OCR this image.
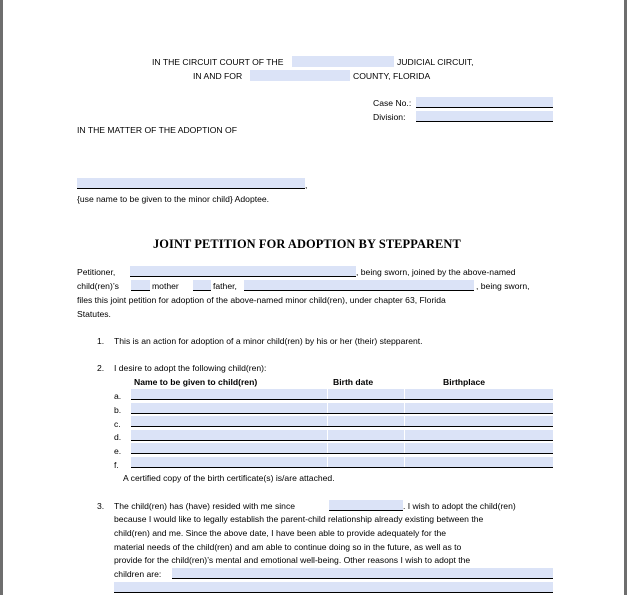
IN THE CIRCUIT COURT OF THE	JUDICIAL CIRCUIT,
IN AND FOR	COUNTY, FLORIDA
Case No.:
Division:
IN THE MATTER OF THE ADOPTION OF
,
{use name to be given to the minor child} Adoptee.
JOINT PETITION FOR ADOPTION BY STEPPARENT
Petitioner,	, being sworn, joined by the above-named
child(ren)’s	mother	father,	, being sworn,
files this joint petition for adoption of the above-named minor child(ren), under chapter 63, Florida
Statutes.
1. This is an action for adoption of a minor child(ren) by his or her (their) stepparent.
2. I desire to adopt the following child(ren):
Name to be given to child(ren)	Birth date	Birthplace
a.
b.
c.
d.
e.
f.
A certified copy of the birth certificate(s) is/are attached.
3. The child(ren) has (have) resided with me since	. I wish to adopt the child(ren)
because I would like to legally establish the parent-child relationship already existing between the
child(ren) and me. Since the above date, I have been able to provide adequately for the
material needs of the child(ren) and am able to continue doing so in the future, as well as to
provide for the child(ren)’s mental and emotional well-being. Other reasons I wish to adopt the
children are:
